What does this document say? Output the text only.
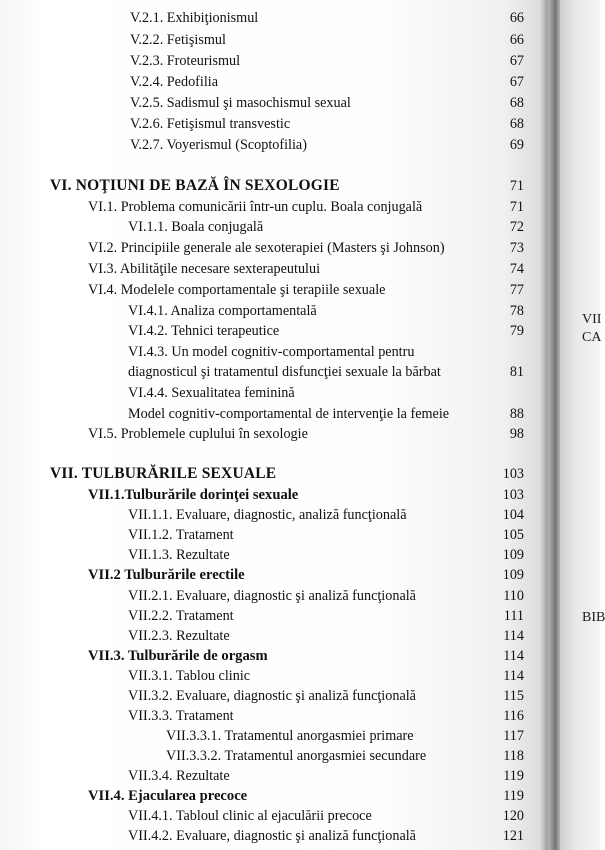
VII
CA
BIB
V.2.1. Exhibiţionismul	66
V.2.2. Fetişismul	66
V.2.3. Froteurismul	67
V.2.4. Pedofilia	67
V.2.5. Sadismul şi masochismul sexual	68
V.2.6. Fetişismul transvestic	68
V.2.7. Voyerismul (Scoptofilia)	69
VI. NOŢIUNI DE BAZĂ ÎN SEXOLOGIE	71
VI.1. Problema comunicării într-un cuplu. Boala conjugală	71
VI.1.1. Boala conjugală	72
VI.2. Principiile generale ale sexoterapiei (Masters şi Johnson)	73
VI.3. Abilităţile necesare sexterapeutului	74
VI.4. Modelele comportamentale şi terapiile sexuale	77
VI.4.1. Analiza comportamentală	78
VI.4.2. Tehnici terapeutice	79
VI.4.3. Un model cognitiv-comportamental pentru
diagnosticul şi tratamentul disfuncţiei sexuale la bărbat	81
VI.4.4. Sexualitatea feminină
Model cognitiv-comportamental de intervenţie la femeie	88
VI.5. Problemele cuplului în sexologie	98
VII. TULBURĂRILE SEXUALE	103
VII.1.Tulburările dorinţei sexuale	103
VII.1.1. Evaluare, diagnostic, analiză funcţională	104
VII.1.2. Tratament	105
VII.1.3. Rezultate	109
VII.2 Tulburările erectile	109
VII.2.1. Evaluare, diagnostic şi analiză funcţională	110
VII.2.2. Tratament	111
VII.2.3. Rezultate	114
VII.3. Tulburările de orgasm	114
VII.3.1. Tablou clinic	114
VII.3.2. Evaluare, diagnostic şi analiză funcţională	115
VII.3.3. Tratament	116
VII.3.3.1. Tratamentul anorgasmiei primare	117
VII.3.3.2. Tratamentul anorgasmiei secundare	118
VII.3.4. Rezultate	119
VII.4. Ejacularea precoce	119
VII.4.1. Tabloul clinic al ejaculării precoce	120
VII.4.2. Evaluare, diagnostic şi analiză funcţională	121
